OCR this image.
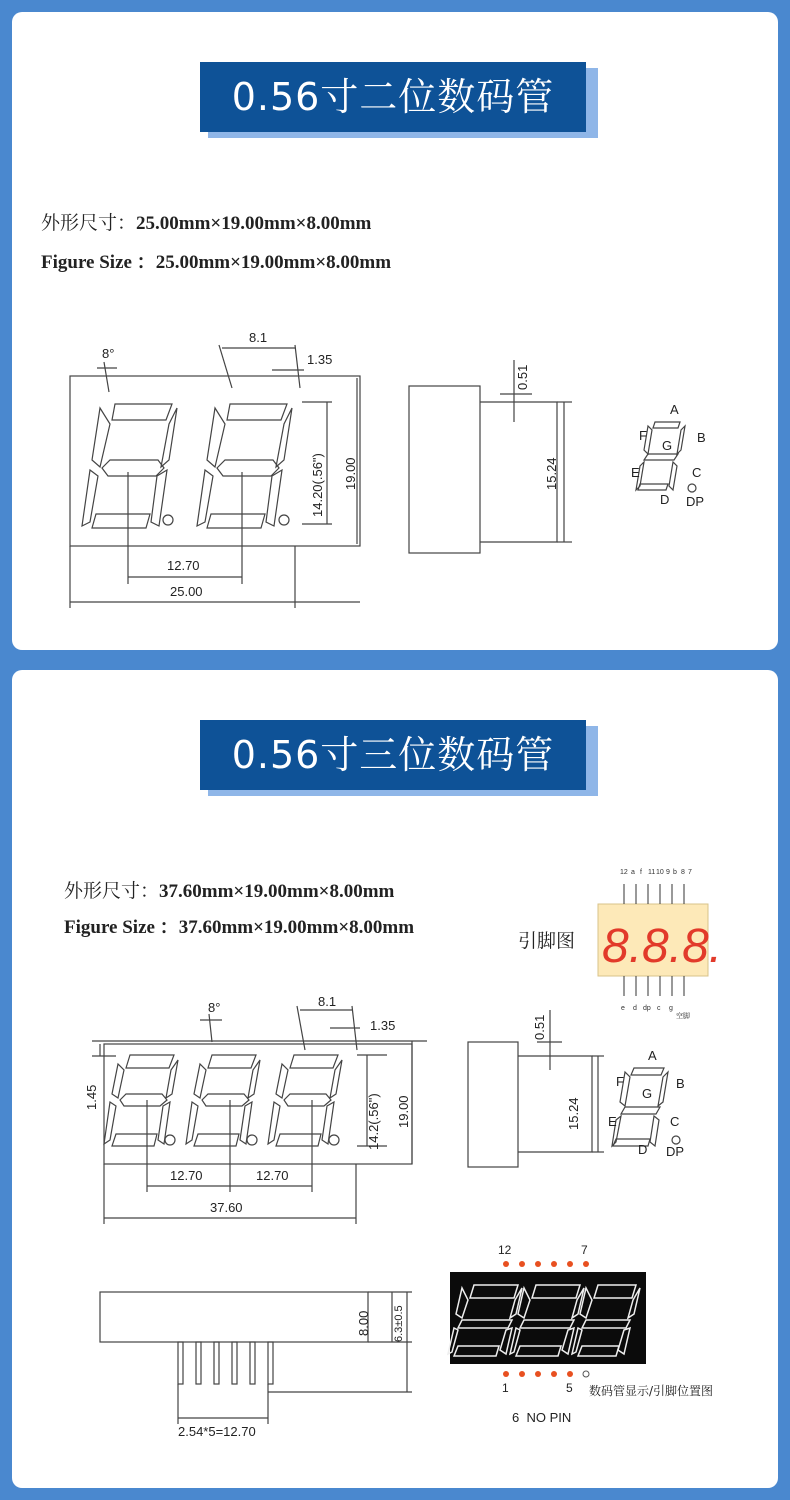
0.56寸二位数码管
外形尺寸：25.00mm×19.00mm×8.00mm
Figure Size ：25.00mm×19.00mm×8.00mm
8°
8.1
1.35
12.70
25.00
14.20(.56") 19.00
0.51
15.24
A
F	B
G
E	C
D DP
0.56寸三位数码管
外形尺寸：37.60mm×19.00mm×8.00mm
Figure Size ：37.60mm×19.00mm×8.00mm
引脚图
数码管显示/引脚位置图
8.8.8.
12 a f 11 10 9 b 8 7
e d dp c g
空脚
8°	8.1
1.35
1.45	14.2(.56") 19.00
12.70	12.70
37.60
0.51
15.24
8.00 6.3±0.5
2.54*5=12.70
A
F	B
G
E	C
D DP
12	7
1	5
6  NO PIN
